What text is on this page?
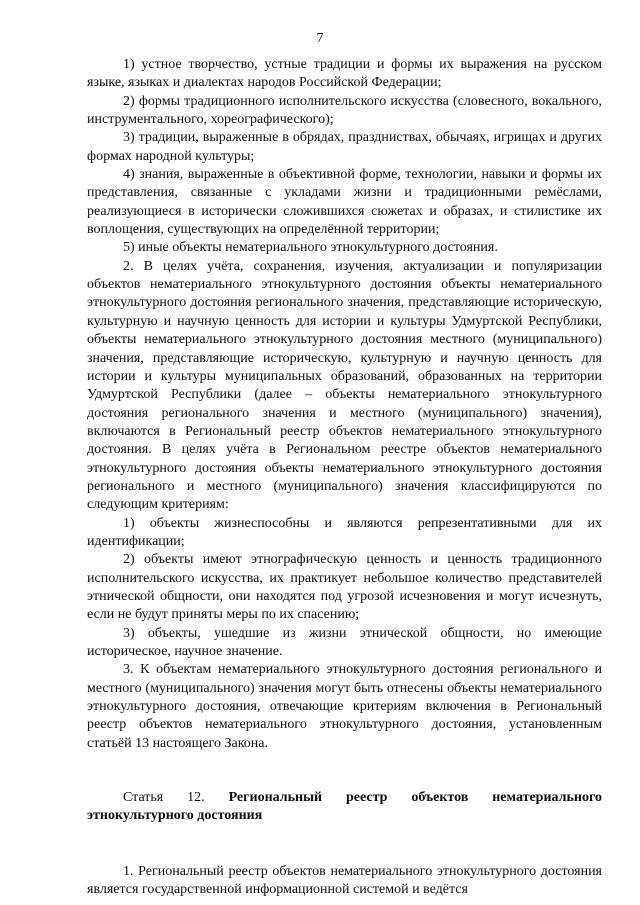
7

1) устное творчество, устные традиции и формы их выражения на русском языке, языках и диалектах народов Российской Федерации;

2) формы традиционного исполнительского искусства (словесного, вокального, инструментального, хореографического);

3) традиции, выраженные в обрядах, праздниствах, обычаях, игрищах и других формах народной культуры;

4) знания, выраженные в объективной форме, технологии, навыки и формы их представления, связанные с укладами жизни и традиционными ремёслами, реализующиеся в исторически сложившихся сюжетах и образах, и стилистике их воплощения, существующих на определённой территории;

5) иные объекты нематериального этнокультурного достояния.

2. В целях учёта, сохранения, изучения, актуализации и популяризации объектов нематериального этнокультурного достояния объекты нематериального этнокультурного достояния регионального значения, представляющие историческую, культурную и научную ценность для истории и культуры Удмуртской Республики, объекты нематериального этнокультурного достояния местного (муниципального) значения, представляющие историческую, культурную и научную ценность для истории и культуры муниципальных образований, образованных на территории Удмуртской Республики (далее – объекты нематериального этнокультурного достояния регионального значения и местного (муниципального) значения), включаются в Региональный реестр объектов нематериального этнокультурного достояния. В целях учёта в Региональном реестре объектов нематериального этнокультурного достояния объекты нематериального этнокультурного достояния регионального и местного (муниципального) значения классифицируются по следующим критериям:

1) объекты жизнеспособны и являются репрезентативными для их идентификации;

2) объекты имеют этнографическую ценность и ценность традиционного исполнительского искусства, их практикует небольшое количество представителей этнической общности, они находятся под угрозой исчезновения и могут исчезнуть, если не будут приняты меры по их спасению;

3) объекты, ушедшие из жизни этнической общности, но имеющие историческое, научное значение.

3. К объектам нематериального этнокультурного достояния регионального и местного (муниципального) значения могут быть отнесены объекты нематериального этнокультурного достояния, отвечающие критериям включения в Региональный реестр объектов нематериального этнокультурного достояния, установленным статьёй 13 настоящего Закона.

Статья 12. Региональный реестр объектов нематериального этнокультурного достояния

1. Региональный реестр объектов нематериального этнокультурного достояния является государственной информационной системой и ведётся
